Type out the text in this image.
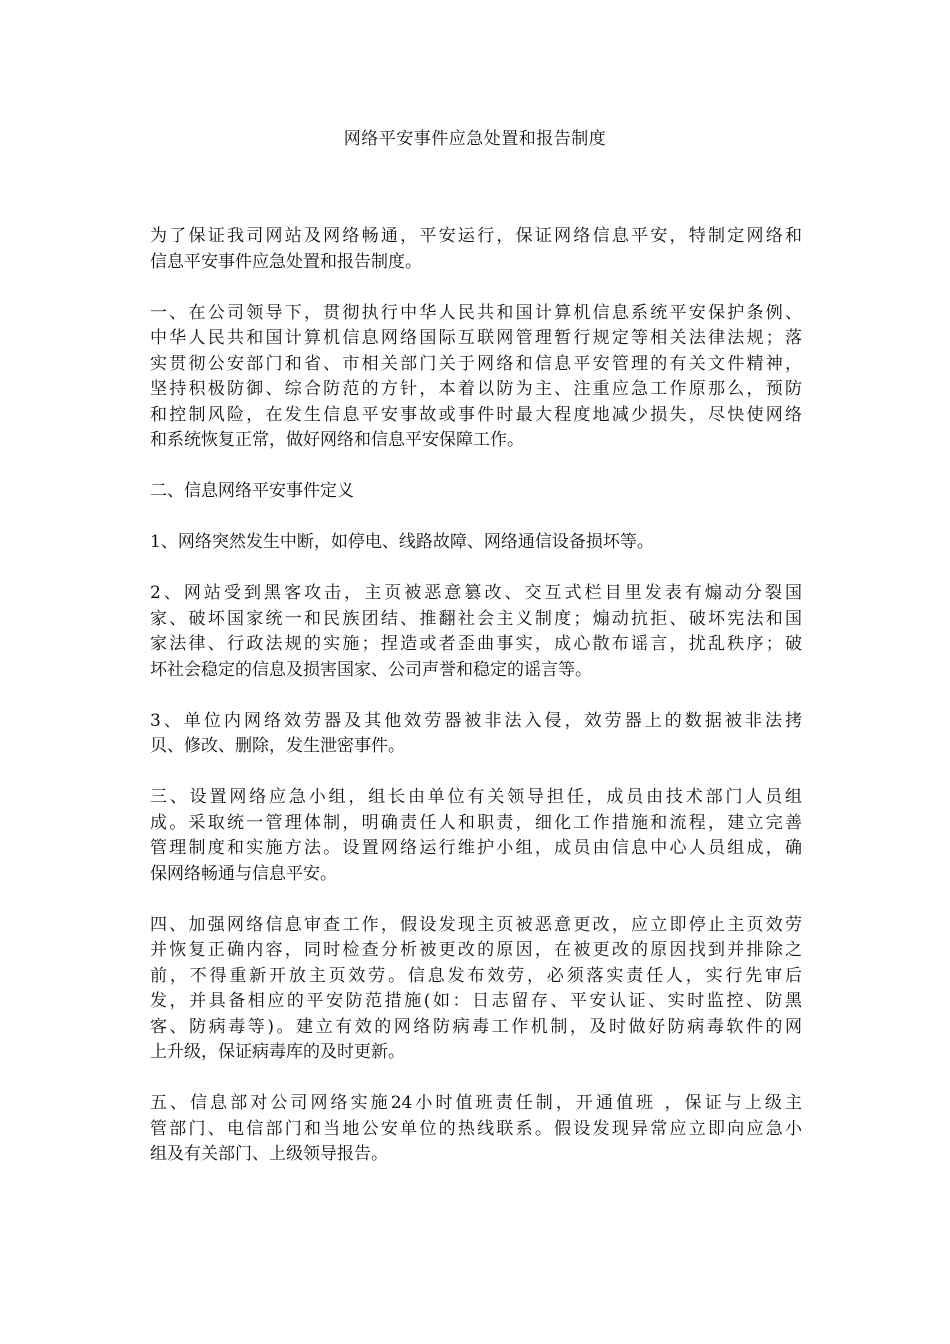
网络平安事件应急处置和报告制度

为了保证我司网站及网络畅通，平安运行，保证网络信息平安，特制定网络和
信息平安事件应急处置和报告制度。

一、在公司领导下，贯彻执行中华人民共和国计算机信息系统平安保护条例、
中华人民共和国计算机信息网络国际互联网管理暂行规定等相关法律法规；落
实贯彻公安部门和省、市相关部门关于网络和信息平安管理的有关文件精神，
坚持积极防御、综合防范的方针，本着以防为主、注重应急工作原那么，预防
和控制风险，在发生信息平安事故或事件时最大程度地减少损失，尽快使网络
和系统恢复正常，做好网络和信息平安保障工作。

二、信息网络平安事件定义

1、网络突然发生中断，如停电、线路故障、网络通信设备损坏等。

2、网站受到黑客攻击，主页被恶意篡改、交互式栏目里发表有煽动分裂国
家、破坏国家统一和民族团结、推翻社会主义制度；煽动抗拒、破坏宪法和国
家法律、行政法规的实施；捏造或者歪曲事实，成心散布谣言，扰乱秩序；破
坏社会稳定的信息及损害国家、公司声誉和稳定的谣言等。

3、单位内网络效劳器及其他效劳器被非法入侵，效劳器上的数据被非法拷
贝、修改、删除，发生泄密事件。

三、设置网络应急小组，组长由单位有关领导担任，成员由技术部门人员组
成。采取统一管理体制，明确责任人和职责，细化工作措施和流程，建立完善
管理制度和实施方法。设置网络运行维护小组，成员由信息中心人员组成，确
保网络畅通与信息平安。

四、加强网络信息审查工作，假设发现主页被恶意更改，应立即停止主页效劳
并恢复正确内容，同时检查分析被更改的原因，在被更改的原因找到并排除之
前，不得重新开放主页效劳。信息发布效劳，必须落实责任人，实行先审后
发，并具备相应的平安防范措施(如：日志留存、平安认证、实时监控、防黑
客、防病毒等)。建立有效的网络防病毒工作机制，及时做好防病毒软件的网
上升级，保证病毒库的及时更新。

五、信息部对公司网络实施24小时值班责任制，开通值班 ，保证与上级主
管部门、电信部门和当地公安单位的热线联系。假设发现异常应立即向应急小
组及有关部门、上级领导报告。
